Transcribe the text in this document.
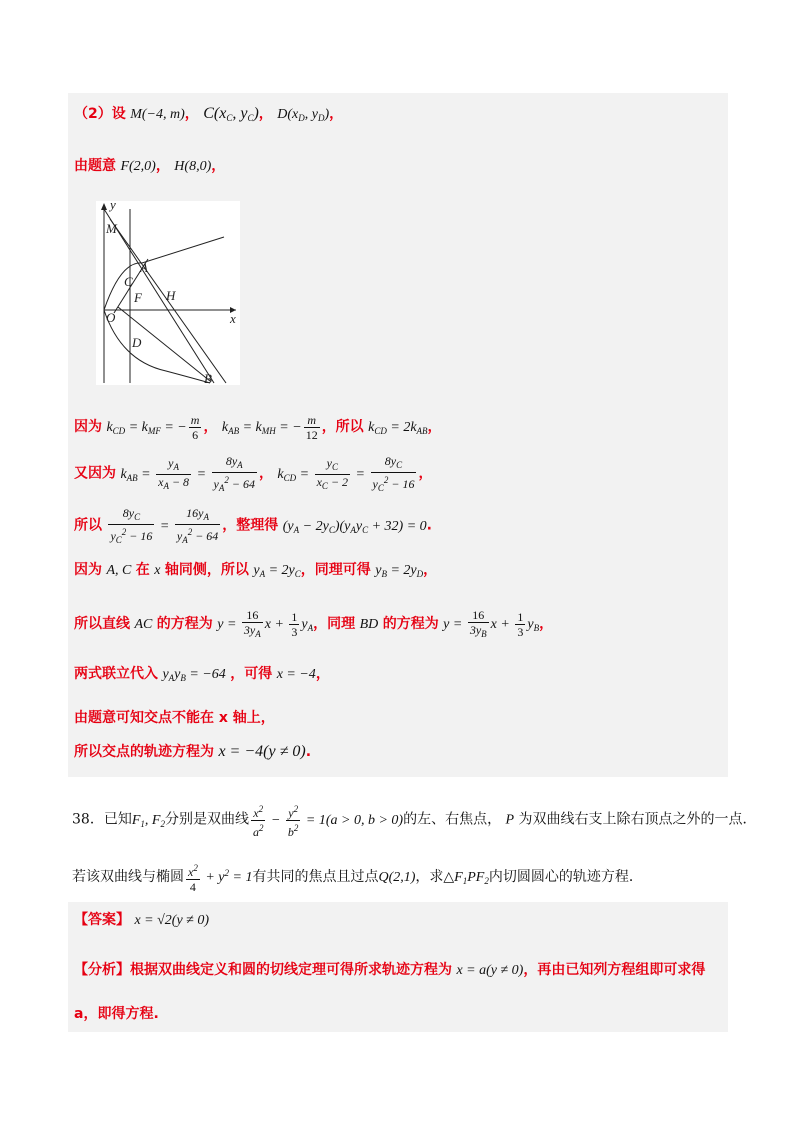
（2）设 M(−4, m)， $C(x_C$, $y_C$)， $D(x_D$, $y_D$)，
由题意 F(2,0)， H(8,0)，
y
x
M
A
C
F H
O
D
B
因为 $k_{CD} = k_{MF}$ = − $\frac{m}{6}$ ， $k_{AB} = k_{MH}$ = − $\frac{m}{12}$ ，所以 $k_{CD} = 2k_{AB}$，
又因为 $k_{AB} = \frac{y_A}{x_A - 8} = \frac{8y_A}{y_A^2 - 64}$ ， $k_{CD} = \frac{y_C}{x_C - 2} = \frac{8y_C}{y_C^2 - 16}$ ，
所以 $\frac{8y_C}{y_C^2 - 16} = \frac{16y_A}{y_A^2 - 64}$ ，整理得 $(y_A - 2y_C)(y_Ay_C + 32) = 0$.
因为 A, C 在 x 轴同侧，所以 $y_A = 2y_C$，同理可得 $y_B = 2y_D$，
所以直线 AC 的方程为 $y = \frac{16}{3y_A}$ $x + \frac{1}{3} y_A$，同理 BD 的方程为 $y = \frac{16}{3y_B}$ $x + \frac{1}{3} y_B$，
两式联立代入 $y_Ay_B = -64$ ，可得 x = −4，
由题意可知交点不能在 x 轴上，
所以交点的轨迹方程为 x = −4(y ≠ 0).
38．已知$F_1$, $F_2$分别是双曲线 $\frac{x^2}{a^2} - \frac{y^2}{b^2} = 1(a > 0$, b > 0)的左、右焦点， P 为双曲线右支上除右顶点之外的一点．
若该双曲线与椭圆 $\frac{x^2}{4} + y^2 = 1$有共同的焦点且过点Q(2,1)，求$\triangle F_1PF_2$内切圆圆心的轨迹方程．
【答案】 x = √2(y ≠ 0)
【分析】根据双曲线定义和圆的切线定理可得所求轨迹方程为 x = a(y ≠ 0)，再由已知列方程组即可求得
a，即得方程.
